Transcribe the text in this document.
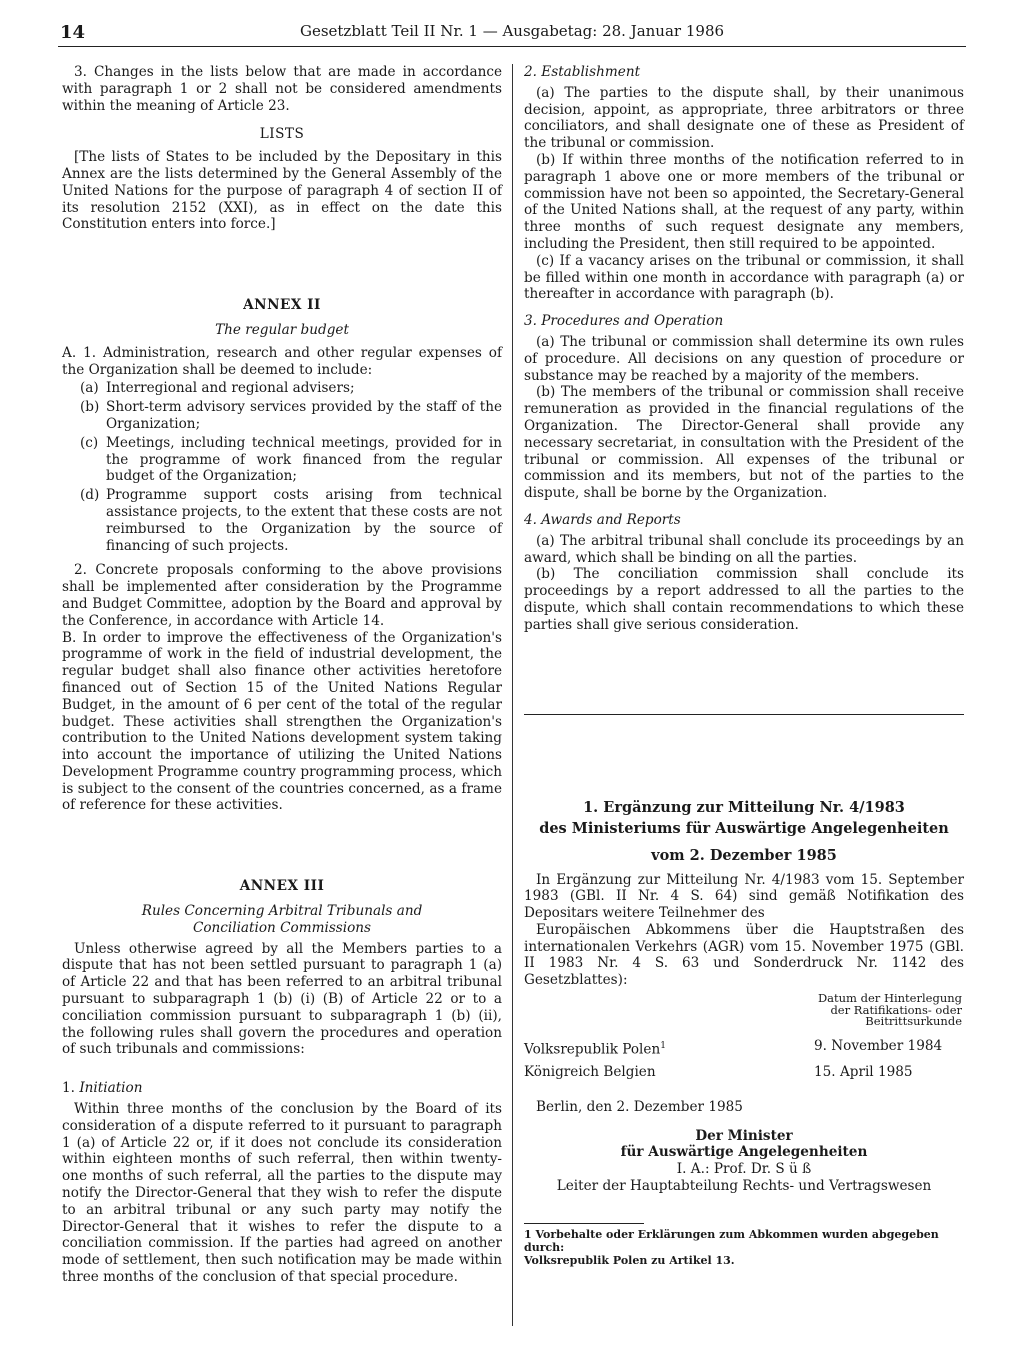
14	Gesetzblatt Teil II Nr. 1 — Ausgabetag: 28. Januar 1986

3. Changes in the lists below that are made in accordance with paragraph 1 or 2 shall not be considered amendments within the meaning of Article 23.

LISTS

[The lists of States to be included by the Depositary in this Annex are the lists determined by the General Assembly of the United Nations for the purpose of paragraph 4 of section II of its resolution 2152 (XXI), as in effect on the date this Constitution enters into force.]

ANNEX II
The regular budget

A. 1. Administration, research and other regular expenses of the Organization shall be deemed to include:

(a) Interregional and regional advisers;
(b) Short-term advisory services provided by the staff of the Organization;
(c) Meetings, including technical meetings, provided for in the programme of work financed from the regular budget of the Organization;
(d) Programme support costs arising from technical assistance projects, to the extent that these costs are not reimbursed to the Organization by the source of financing of such projects.

2. Concrete proposals conforming to the above provisions shall be implemented after consideration by the Programme and Budget Committee, adoption by the Board and approval by the Conference, in accordance with Article 14.

B. In order to improve the effectiveness of the Organization's programme of work in the field of industrial development, the regular budget shall also finance other activities heretofore financed out of Section 15 of the United Nations Regular Budget, in the amount of 6 per cent of the total of the regular budget. These activities shall strengthen the Organization's contribution to the United Nations development system taking into account the importance of utilizing the United Nations Development Programme country programming process, which is subject to the consent of the countries concerned, as a frame of reference for these activities.

ANNEX III
Rules Concerning Arbitral Tribunals and
Conciliation Commissions

Unless otherwise agreed by all the Members parties to a dispute that has not been settled pursuant to paragraph 1 (a) of Article 22 and that has been referred to an arbitral tribunal pursuant to subparagraph 1 (b) (i) (B) of Article 22 or to a conciliation commission pursuant to subparagraph 1 (b) (ii), the following rules shall govern the procedures and operation of such tribunals and commissions:

1. Initiation

Within three months of the conclusion by the Board of its consideration of a dispute referred to it pursuant to paragraph 1 (a) of Article 22 or, if it does not conclude its consideration within eighteen months of such referral, then within twenty-one months of such referral, all the parties to the dispute may notify the Director-General that they wish to refer the dispute to an arbitral tribunal or any such party may notify the Director-General that it wishes to refer the dispute to a conciliation commission. If the parties had agreed on another mode of settlement, then such notification may be made within three months of the conclusion of that special procedure.

2. Establishment

(a) The parties to the dispute shall, by their unanimous decision, appoint, as appropriate, three arbitrators or three conciliators, and shall designate one of these as President of the tribunal or commission.

(b) If within three months of the notification referred to in paragraph 1 above one or more members of the tribunal or commission have not been so appointed, the Secretary-General of the United Nations shall, at the request of any party, within three months of such request designate any members, including the President, then still required to be appointed.

(c) If a vacancy arises on the tribunal or commission, it shall be filled within one month in accordance with paragraph (a) or thereafter in accordance with paragraph (b).

3. Procedures and Operation

(a) The tribunal or commission shall determine its own rules of procedure. All decisions on any question of procedure or substance may be reached by a majority of the members.

(b) The members of the tribunal or commission shall receive remuneration as provided in the financial regulations of the Organization. The Director-General shall provide any necessary secretariat, in consultation with the President of the tribunal or commission. All expenses of the tribunal or commission and its members, but not of the parties to the dispute, shall be borne by the Organization.

4. Awards and Reports

(a) The arbitral tribunal shall conclude its proceedings by an award, which shall be binding on all the parties.

(b) The conciliation commission shall conclude its proceedings by a report addressed to all the parties to the dispute, which shall contain recommendations to which these parties shall give serious consideration.

1. Ergänzung zur Mitteilung Nr. 4/1983
des Ministeriums für Auswärtige Angelegenheiten
vom 2. Dezember 1985

In Ergänzung zur Mitteilung Nr. 4/1983 vom 15. September 1983 (GBl. II Nr. 4 S. 64) sind gemäß Notifikation des Depositars weitere Teilnehmer des

Europäischen Abkommens über die Hauptstraßen des internationalen Verkehrs (AGR) vom 15. November 1975 (GBl. II 1983 Nr. 4 S. 63 und Sonderdruck Nr. 1142 des Gesetzblattes):

Datum der Hinterlegung
der Ratifikations- oder
Beitrittsurkunde
Volksrepublik Polen$^1$	9. November 1984
Königreich Belgien	15. April 1985

Berlin, den 2. Dezember 1985

Der Minister
für Auswärtige Angelegenheiten
I. A.: Prof. Dr. S ü ß
Leiter der Hauptabteilung Rechts- und Vertragswesen
1 Vorbehalte oder Erklärungen zum Abkommen wurden abgegeben durch:
Volksrepublik Polen zu Artikel 13.
